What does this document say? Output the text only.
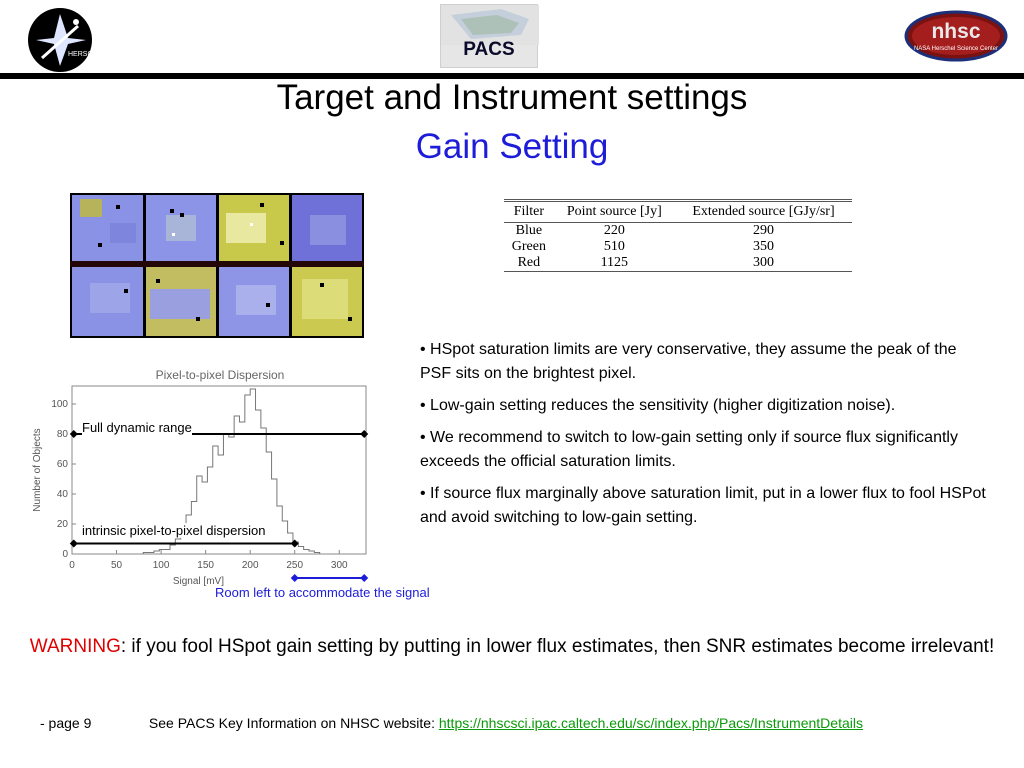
HERSCHEL	PACS
nhsc
NASA Herschel Science Center
Target and Instrument settings
Gain Setting
Filter	Point source [Jy]	Extended source [GJy/sr]
Blue	220	290
Green	510	350
Red	1125	300

• HSpot saturation limits are very conservative, they assume the peak of the PSF sits on the brightest pixel.

• Low-gain setting reduces the sensitivity (higher digitization noise).

• We recommend to switch to low-gain setting only if source flux significantly exceeds the official saturation limits.

• If source flux marginally above saturation limit, put in a lower flux to fool HSPot and avoid switching to low-gain setting.

Pixel-to-pixel Dispersion
0	50	100	150	200	250	300
0
20
40
60
80
100
Signal [mV]
Number of Objects
Full dynamic range
intrinsic pixel-to-pixel dispersion
Room left to accommodate the signal
WARNING: if you fool HSpot gain setting by putting in lower flux estimates, then SNR estimates become irrelevant!
- page 9	See PACS Key Information on NHSC website: https://nhscsci.ipac.caltech.edu/sc/index.php/Pacs/InstrumentDetails
